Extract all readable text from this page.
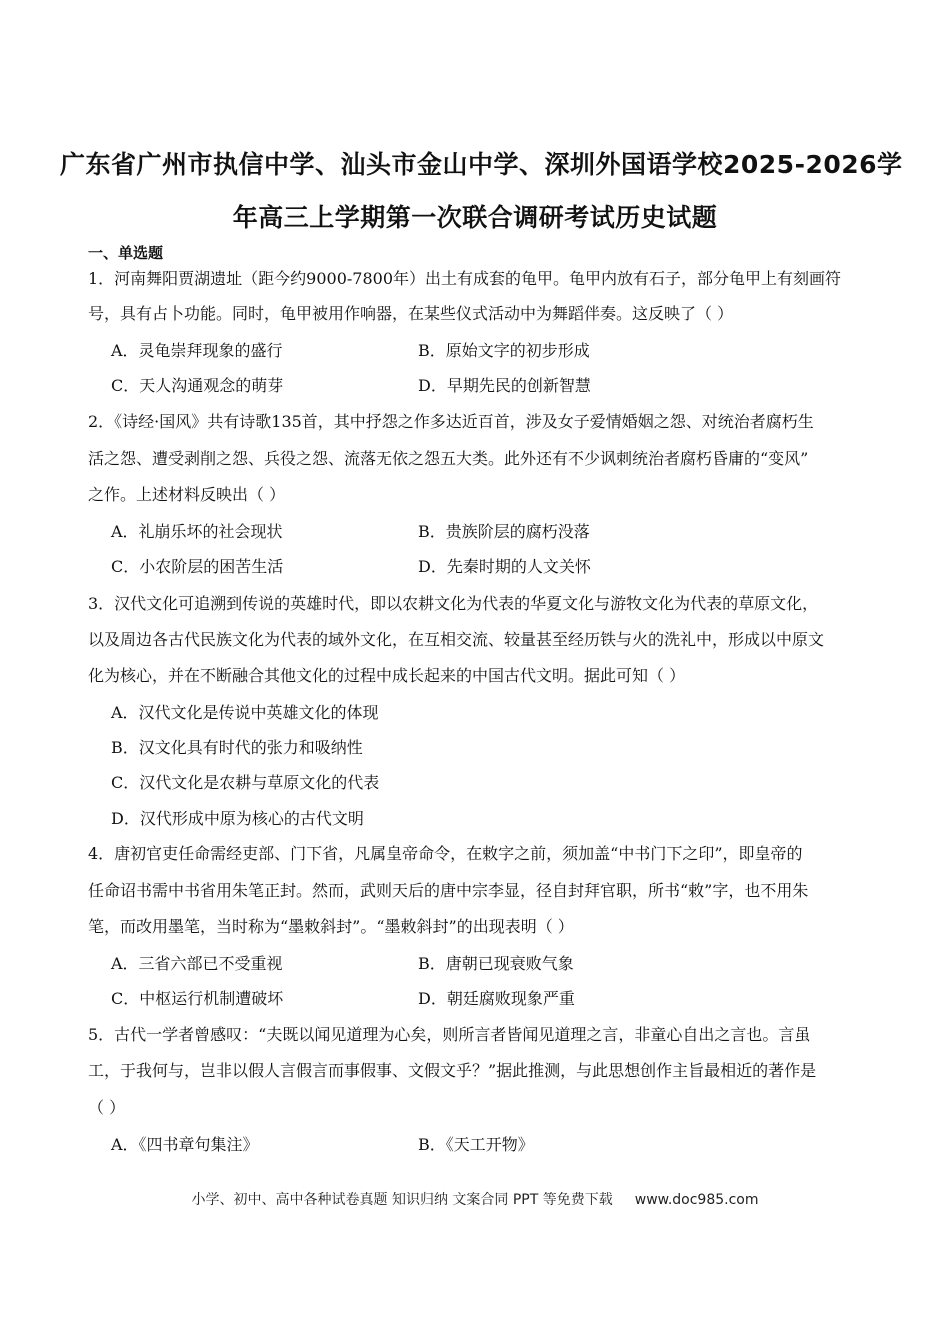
广东省广州市执信中学、汕头市金山中学、深圳外国语学校2025-2026学
年高三上学期第一次联合调研考试历史试题
一、单选题
1．河南舞阳贾湖遗址（距今约9000-7800年）出土有成套的龟甲。龟甲内放有石子，部分龟甲上有刻画符
号，具有占卜功能。同时，龟甲被用作响器，在某些仪式活动中为舞蹈伴奏。这反映了（ ）
A．灵龟崇拜现象的盛行	B．原始文字的初步形成
C．天人沟通观念的萌芽	D．早期先民的创新智慧
2．《诗经·国风》共有诗歌135首，其中抒怨之作多达近百首，涉及女子爱情婚姻之怨、对统治者腐朽生
活之怨、遭受剥削之怨、兵役之怨、流落无依之怨五大类。此外还有不少讽刺统治者腐朽昏庸的“变风”
之作。上述材料反映出（ ）
A．礼崩乐坏的社会现状	B．贵族阶层的腐朽没落
C．小农阶层的困苦生活	D．先秦时期的人文关怀
3．汉代文化可追溯到传说的英雄时代，即以农耕文化为代表的华夏文化与游牧文化为代表的草原文化，
以及周边各古代民族文化为代表的域外文化，在互相交流、较量甚至经历铁与火的洗礼中，形成以中原文
化为核心，并在不断融合其他文化的过程中成长起来的中国古代文明。据此可知（ ）
A．汉代文化是传说中英雄文化的体现
B．汉文化具有时代的张力和吸纳性
C．汉代文化是农耕与草原文化的代表
D．汉代形成中原为核心的古代文明
4．唐初官吏任命需经吏部、门下省，凡属皇帝命令，在敕字之前，须加盖“中书门下之印”，即皇帝的
任命诏书需中书省用朱笔正封。然而，武则天后的唐中宗李显，径自封拜官职，所书“敕”字，也不用朱
笔，而改用墨笔，当时称为“墨敕斜封”。“墨敕斜封”的出现表明（ ）
A．三省六部已不受重视	B．唐朝已现衰败气象
C．中枢运行机制遭破坏	D．朝廷腐败现象严重
5．古代一学者曾感叹：“夫既以闻见道理为心矣，则所言者皆闻见道理之言，非童心自出之言也。言虽
工，于我何与，岂非以假人言假言而事假事、文假文乎？”据此推测，与此思想创作主旨最相近的著作是
（ ）
A．《四书章句集注》	B．《天工开物》
小学、初中、高中各种试卷真题 知识归纳 文案合同 PPT 等免费下载 www.doc985.com
